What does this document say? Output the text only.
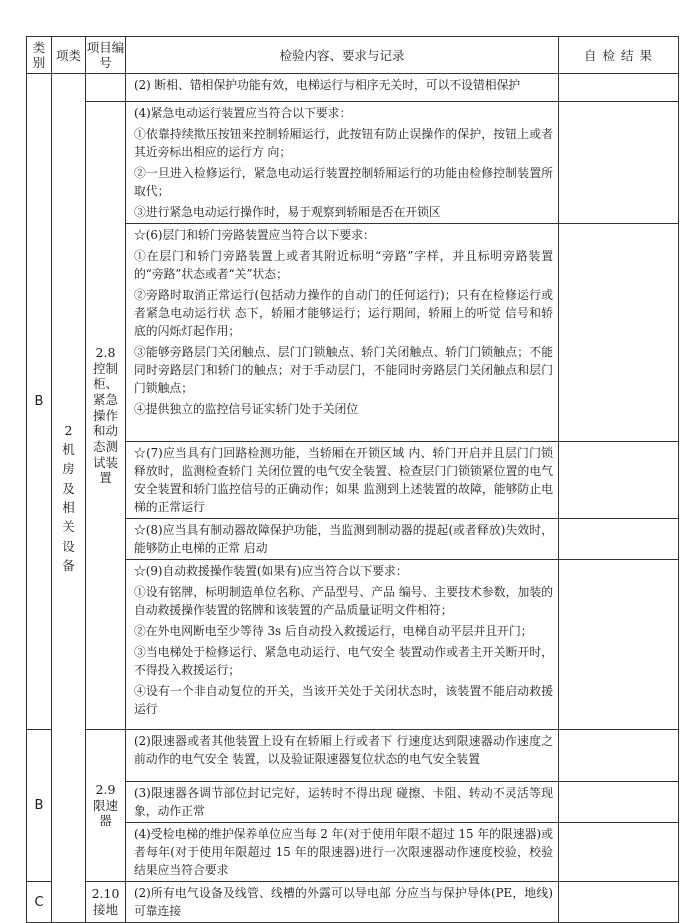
类别	项类	项目编号	检验内容、要求与记录	自 检 结 果
B	2机房及相关设备		(2) 断相、错相保护功能有效，电梯运行与相序无关时，可以不设错相保护	

		2.8控制柜、紧急操作和动态测试装置	(4)紧急电动运行装置应当符合以下要求：
①依靠持续揿压按钮来控制轿厢运行，此按钮有防止误操作的保护，按钮上或者其近旁标出相应的运行方 向；
②一旦进入检修运行，紧急电动运行装置控制轿厢运行的功能由检修控制装置所取代；
③进行紧急电动运行操作时，易于观察到轿厢是否在开锁区	

			☆(6)层门和轿门旁路装置应当符合以下要求：
①在层门和轿门旁路装置上或者其附近标明“旁路”字样，并且标明旁路装置的“旁路”状态或者“关”状态；
②旁路时取消正常运行(包括动力操作的自动门的任何运行)；只有在检修运行或者紧急电动运行状 态下，轿厢才能够运行；运行期间，轿厢上的听觉 信号和轿底的闪烁灯起作用；
③能够旁路层门关闭触点、层门门锁触点、轿门关闭触点、轿门门锁触点；不能同时旁路层门和轿门的触点；对于手动层门，不能同时旁路层门关闭触点和层门门锁触点；
④提供独立的监控信号证实轿门处于关闭位	

			☆(7)应当具有门回路检测功能，当轿厢在开锁区域 内、轿门开启并且层门门锁释放时，监测检查轿门 关闭位置的电气安全装置、检查层门门锁锁紧位置的电气安全装置和轿门监控信号的正确动作；如果 监测到上述装置的故障，能够防止电梯的正常运行	

			☆(8)应当具有制动器故障保护功能，当监测到制动器的提起(或者释放)失效时，能够防止电梯的正常 启动	

			☆(9)自动救援操作装置(如果有)应当符合以下要求：
①设有铭牌，标明制造单位名称、产品型号、产品 编号、主要技术参数，加装的自动救援操作装置的铭牌和该装置的产品质量证明文件相符；
②在外电网断电至少等待 3s 后自动投入救援运行，电梯自动平层并且开门；
③当电梯处于检修运行、紧急电动运行、电气安全 装置动作或者主开关断开时，不得投入救援运行；
④设有一个非自动复位的开关，当该开关处于关闭状态时，该装置不能启动救援运行	

B		2.9限速器	(2)限速器或者其他装置上设有在轿厢上行或者下 行速度达到限速器动作速度之前动作的电气安全 装置，以及验证限速器复位状态的电气安全装置	

			(3)限速器各调节部位封记完好，运转时不得出现 碰擦、卡阻、转动不灵活等现象，动作正常	

			(4)受检电梯的维护保养单位应当每 2 年(对于使用年限不超过 15 年的限速器)或者每年(对于使用年限超过 15 年的限速器)进行一次限速器动作速度校验，校验结果应当符合要求	

C		2.10接地	(2)所有电气设备及线管、线槽的外露可以导电部 分应当与保护导体(PE，地线)可靠连接	
